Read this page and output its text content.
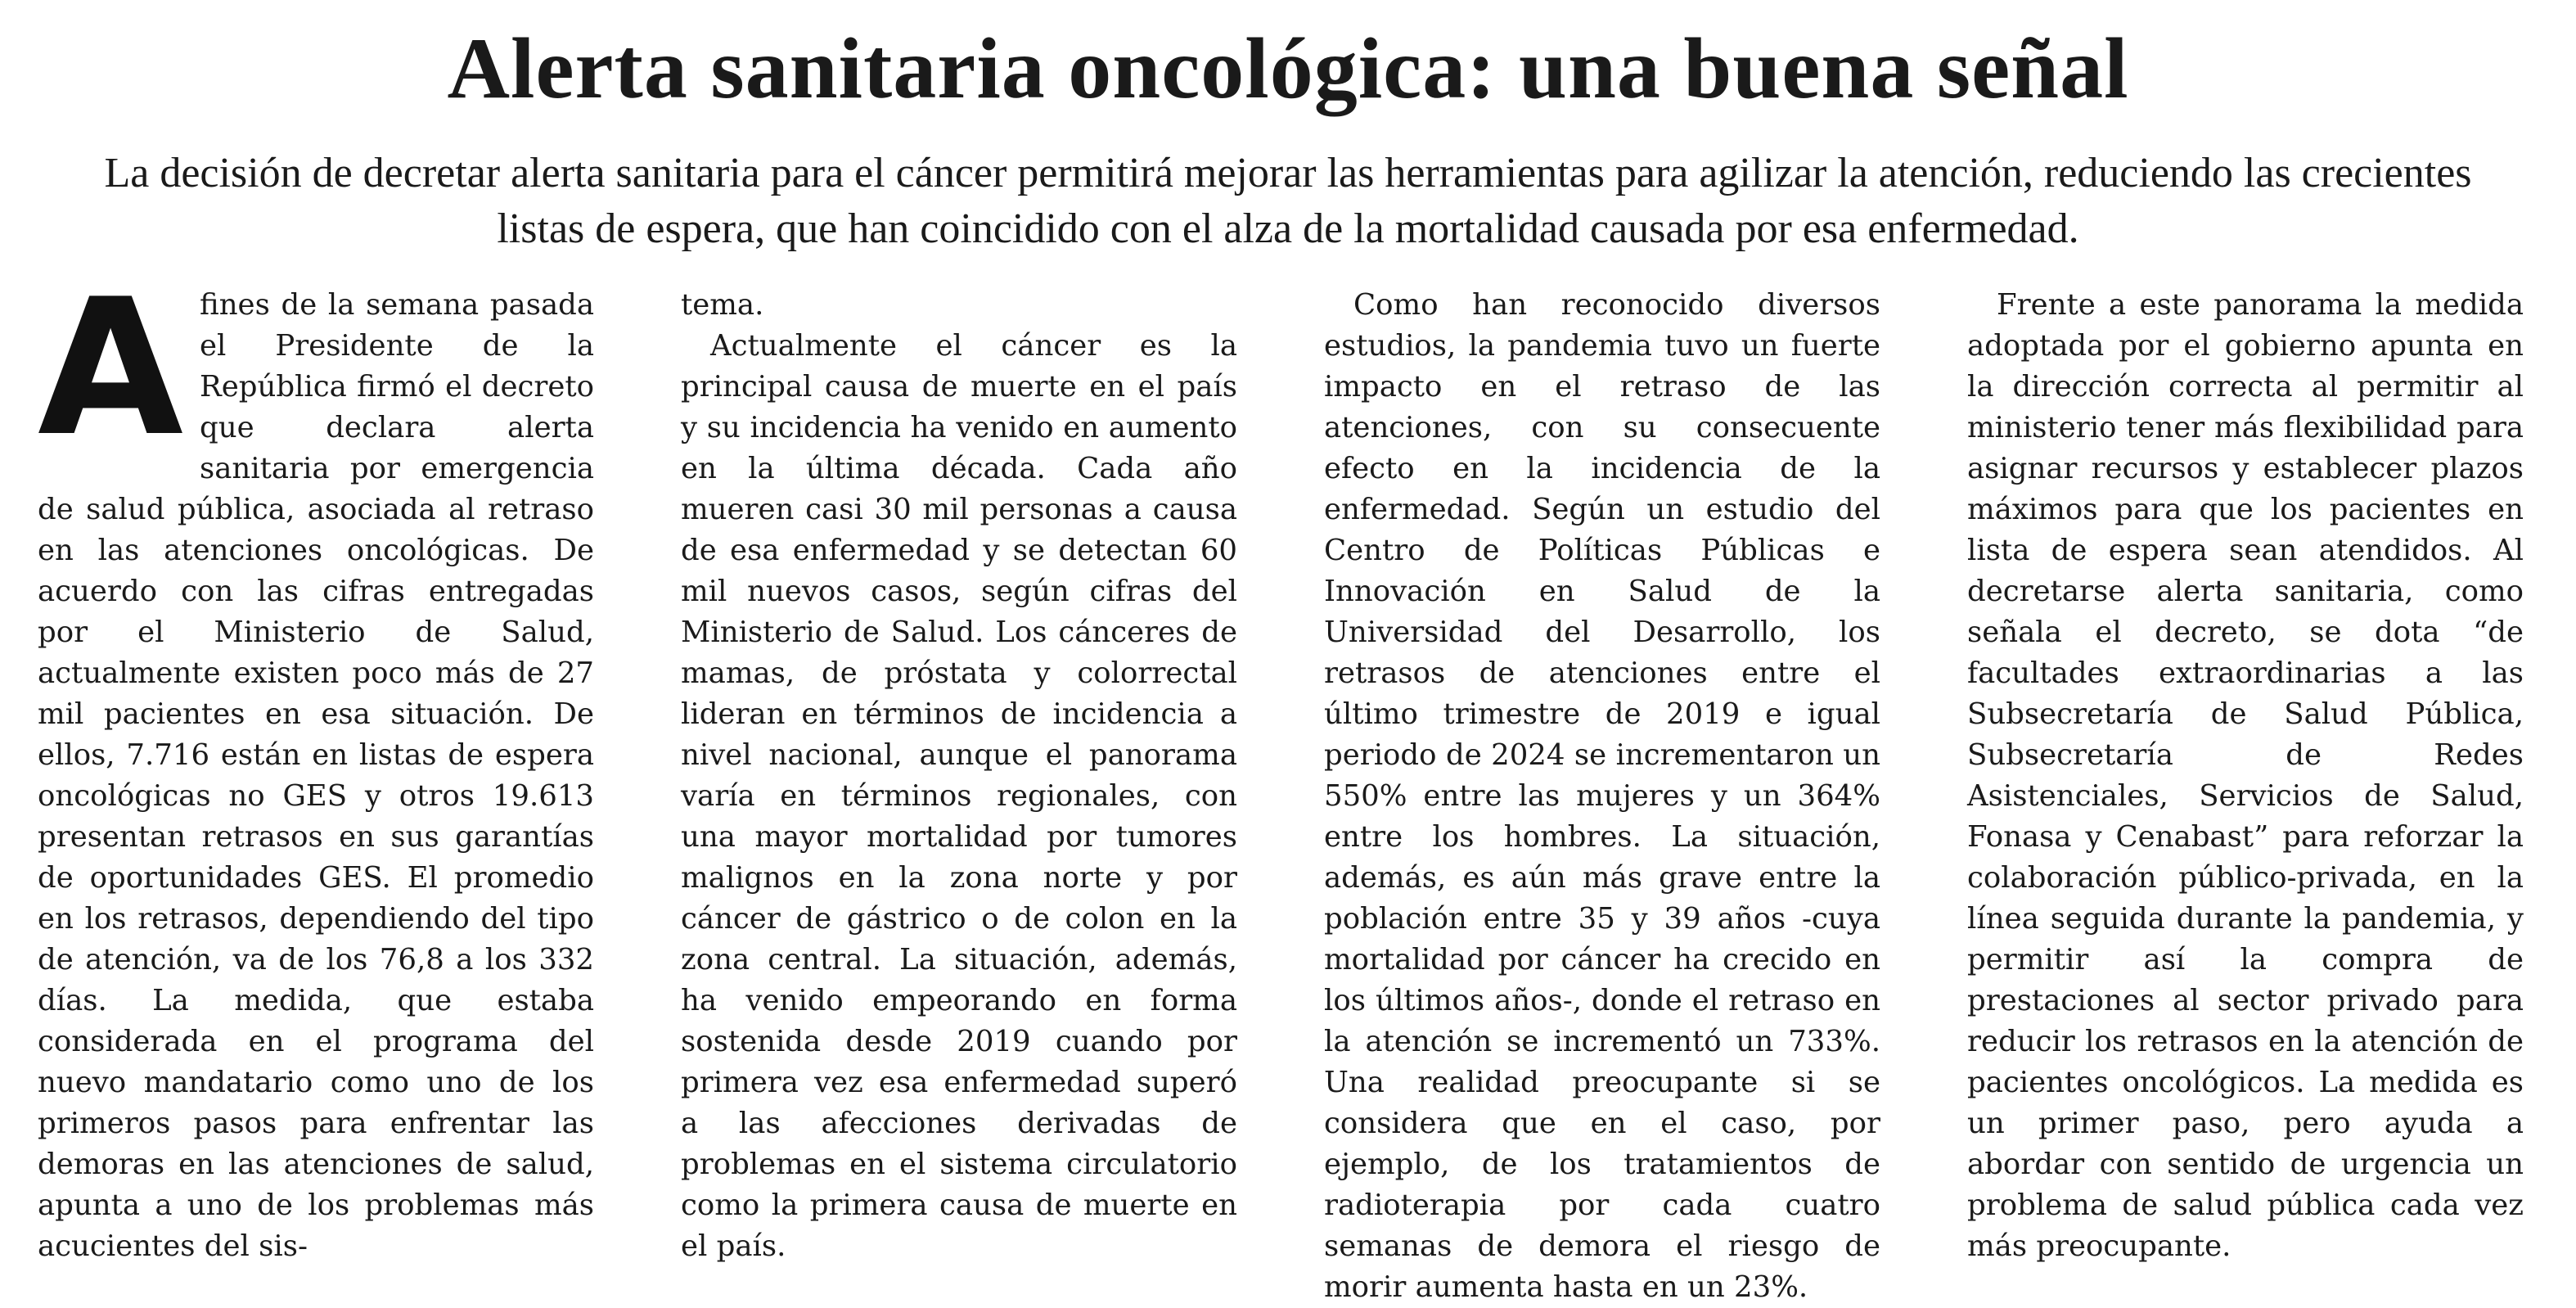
Alerta sanitaria oncológica: una buena señal

La decisión de decretar alerta sanitaria para el cáncer permitirá mejorar las herramientas para agilizar la atención, reduciendo las crecientes listas de espera, que han coincidido con el alza de la mortalidad causada por esa enfermedad.

Afines de la semana pasada el Presidente de la República firmó el decreto que declara alerta sanitaria por emergencia de salud pública, asociada al retraso en las atenciones oncológicas. De acuerdo con las cifras entregadas por el Ministerio de Salud, actualmente existen poco más de 27 mil pacientes en esa situación. De ellos, 7.716 están en listas de espera oncológicas no GES y otros 19.613 presentan retrasos en sus garantías de oportunidades GES. El promedio en los retrasos, dependiendo del tipo de atención, va de los 76,8 a los 332 días. La medida, que estaba considerada en el programa del nuevo mandatario como uno de los primeros pasos para enfrentar las demoras en las atenciones de salud, apunta a uno de los problemas más acucientes del sis-

tema.

Actualmente el cáncer es la principal causa de muerte en el país y su incidencia ha venido en aumento en la última década. Cada año mueren casi 30 mil personas a causa de esa enfermedad y se detectan 60 mil nuevos casos, según cifras del Ministerio de Salud. Los cánceres de mamas, de próstata y colorrectal lideran en términos de incidencia a nivel nacional, aunque el panorama varía en términos regionales, con una mayor mortalidad por tumores malignos en la zona norte y por cáncer de gástrico o de colon en la zona central. La situación, además, ha venido empeorando en forma sostenida desde 2019 cuando por primera vez esa enfermedad superó a las afecciones derivadas de problemas en el sistema circulatorio como la primera causa de muerte en el país.

Como han reconocido diversos estudios, la pandemia tuvo un fuerte impacto en el retraso de las atenciones, con su consecuente efecto en la incidencia de la enfermedad. Según un estudio del Centro de Políticas Públicas e Innovación en Salud de la Universidad del Desarrollo, los retrasos de atenciones entre el último trimestre de 2019 e igual periodo de 2024 se incrementaron un 550% entre las mujeres y un 364% entre los hombres. La situación, además, es aún más grave entre la población entre 35 y 39 años -cuya mortalidad por cáncer ha crecido en los últimos años-, donde el retraso en la atención se incrementó un 733%. Una realidad preocupante si se considera que en el caso, por ejemplo, de los tratamientos de radioterapia por cada cuatro semanas de demora el riesgo de morir aumenta hasta en un 23%.

Frente a este panorama la medida adoptada por el gobierno apunta en la dirección correcta al permitir al ministerio tener más flexibilidad para asignar recursos y establecer plazos máximos para que los pacientes en lista de espera sean atendidos. Al decretarse alerta sanitaria, como señala el decreto, se dota “de facultades extraordinarias a las Subsecretaría de Salud Pública, Subsecretaría de Redes Asistenciales, Servicios de Salud, Fonasa y Cenabast” para reforzar la colaboración público-privada, en la línea seguida durante la pandemia, y permitir así la compra de prestaciones al sector privado para reducir los retrasos en la atención de pacientes oncológicos. La medida es un primer paso, pero ayuda a abordar con sentido de urgencia un problema de salud pública cada vez más preocupante.
